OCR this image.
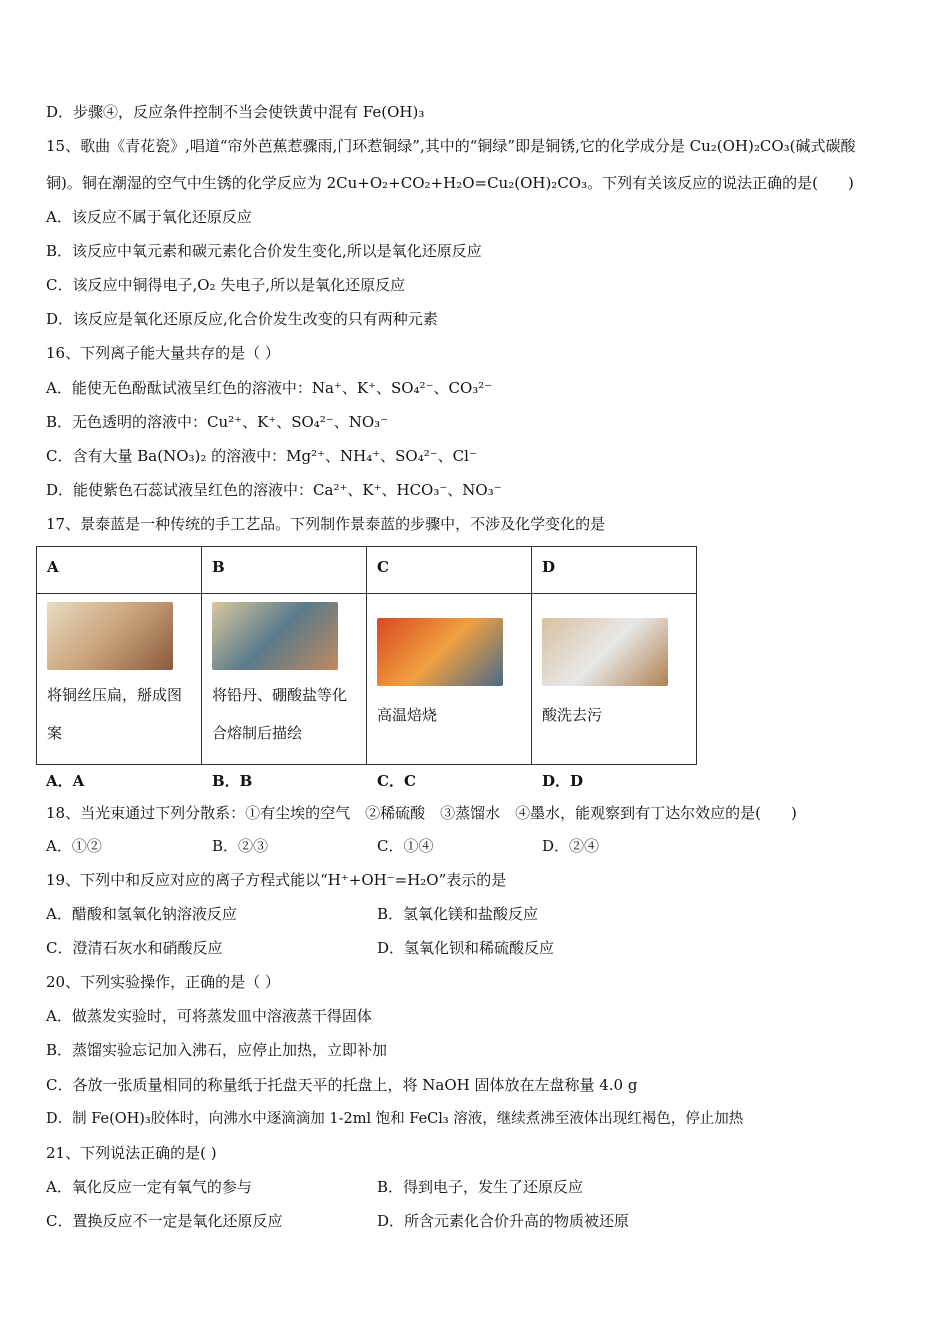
D．步骤④，反应条件控制不当会使铁黄中混有 Fe(OH)₃
15、歌曲《青花瓷》,唱道“帘外芭蕉惹骤雨,门环惹铜绿”,其中的“铜绿”即是铜锈,它的化学成分是 Cu₂(OH)₂CO₃(碱式碳酸
铜)。铜在潮湿的空气中生锈的化学反应为 2Cu+O₂+CO₂+H₂O=Cu₂(OH)₂CO₃。下列有关该反应的说法正确的是(　　)
A．该反应不属于氧化还原反应
B．该反应中氧元素和碳元素化合价发生变化,所以是氧化还原反应
C．该反应中铜得电子,O₂ 失电子,所以是氧化还原反应
D．该反应是氧化还原反应,化合价发生改变的只有两种元素
16、下列离子能大量共存的是（ ）
A．能使无色酚酞试液呈红色的溶液中：Na⁺、K⁺、SO₄²⁻、CO₃²⁻
B．无色透明的溶液中：Cu²⁺、K⁺、SO₄²⁻、NO₃⁻
C．含有大量 Ba(NO₃)₂ 的溶液中：Mg²⁺、NH₄⁺、SO₄²⁻、Cl⁻
D．能使紫色石蕊试液呈红色的溶液中：Ca²⁺、K⁺、HCO₃⁻、NO₃⁻
17、景泰蓝是一种传统的手工艺品。下列制作景泰蓝的步骤中，不涉及化学变化的是
A	B	C	D

将铜丝压扁，掰成图案	将铅丹、硼酸盐等化合熔制后描绘	高温焙烧	酸洗去污
A．A	B．B	C．C	D．D
18、当光束通过下列分散系：①有尘埃的空气　②稀硫酸　③蒸馏水　④墨水，能观察到有丁达尔效应的是(　　)
A．①②	B．②③	C．①④	D．②④
19、下列中和反应对应的离子方程式能以“H⁺+OH⁻=H₂O”表示的是
A．醋酸和氢氧化钠溶液反应	B．氢氧化镁和盐酸反应
C．澄清石灰水和硝酸反应	D．氢氧化钡和稀硫酸反应
20、下列实验操作，正确的是（ ）
A．做蒸发实验时，可将蒸发皿中溶液蒸干得固体
B．蒸馏实验忘记加入沸石，应停止加热，立即补加
C．各放一张质量相同的称量纸于托盘天平的托盘上，将 NaOH 固体放在左盘称量 4.0 g
D．制 Fe(OH)₃胶体时，向沸水中逐滴滴加 1-2ml 饱和 FeCl₃ 溶液，继续煮沸至液体出现红褐色，停止加热
21、下列说法正确的是( )
A．氧化反应一定有氧气的参与	B．得到电子，发生了还原反应
C．置换反应不一定是氧化还原反应	D．所含元素化合价升高的物质被还原
